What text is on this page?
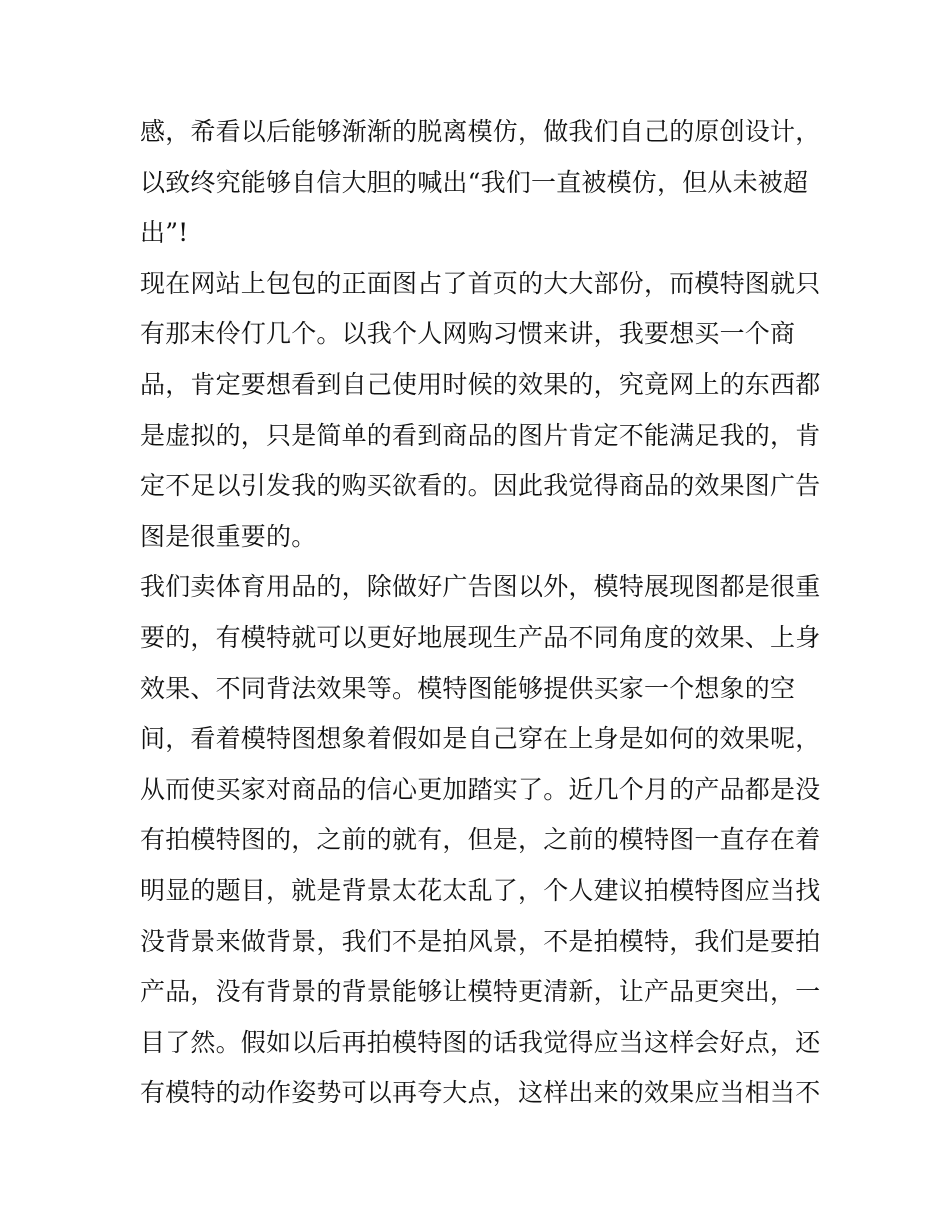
感，希看以后能够渐渐的脱离模仿，做我们自己的原创设计，
以致终究能够自信大胆的喊出“我们一直被模仿，但从未被超
出”!
现在网站上包包的正面图占了首页的大大部份，而模特图就只
有那末伶仃几个。以我个人网购习惯来讲，我要想买一个商
品，肯定要想看到自己使用时候的效果的，究竟网上的东西都
是虚拟的，只是简单的看到商品的图片肯定不能满足我的，肯
定不足以引发我的购买欲看的。因此我觉得商品的效果图广告
图是很重要的。
我们卖体育用品的，除做好广告图以外，模特展现图都是很重
要的，有模特就可以更好地展现生产品不同角度的效果、上身
效果、不同背法效果等。模特图能够提供买家一个想象的空
间，看着模特图想象着假如是自己穿在上身是如何的效果呢，
从而使买家对商品的信心更加踏实了。近几个月的产品都是没
有拍模特图的，之前的就有，但是，之前的模特图一直存在着
明显的题目，就是背景太花太乱了，个人建议拍模特图应当找
没背景来做背景，我们不是拍风景，不是拍模特，我们是要拍
产品，没有背景的背景能够让模特更清新，让产品更突出，一
目了然。假如以后再拍模特图的话我觉得应当这样会好点，还
有模特的动作姿势可以再夸大点，这样出来的效果应当相当不
